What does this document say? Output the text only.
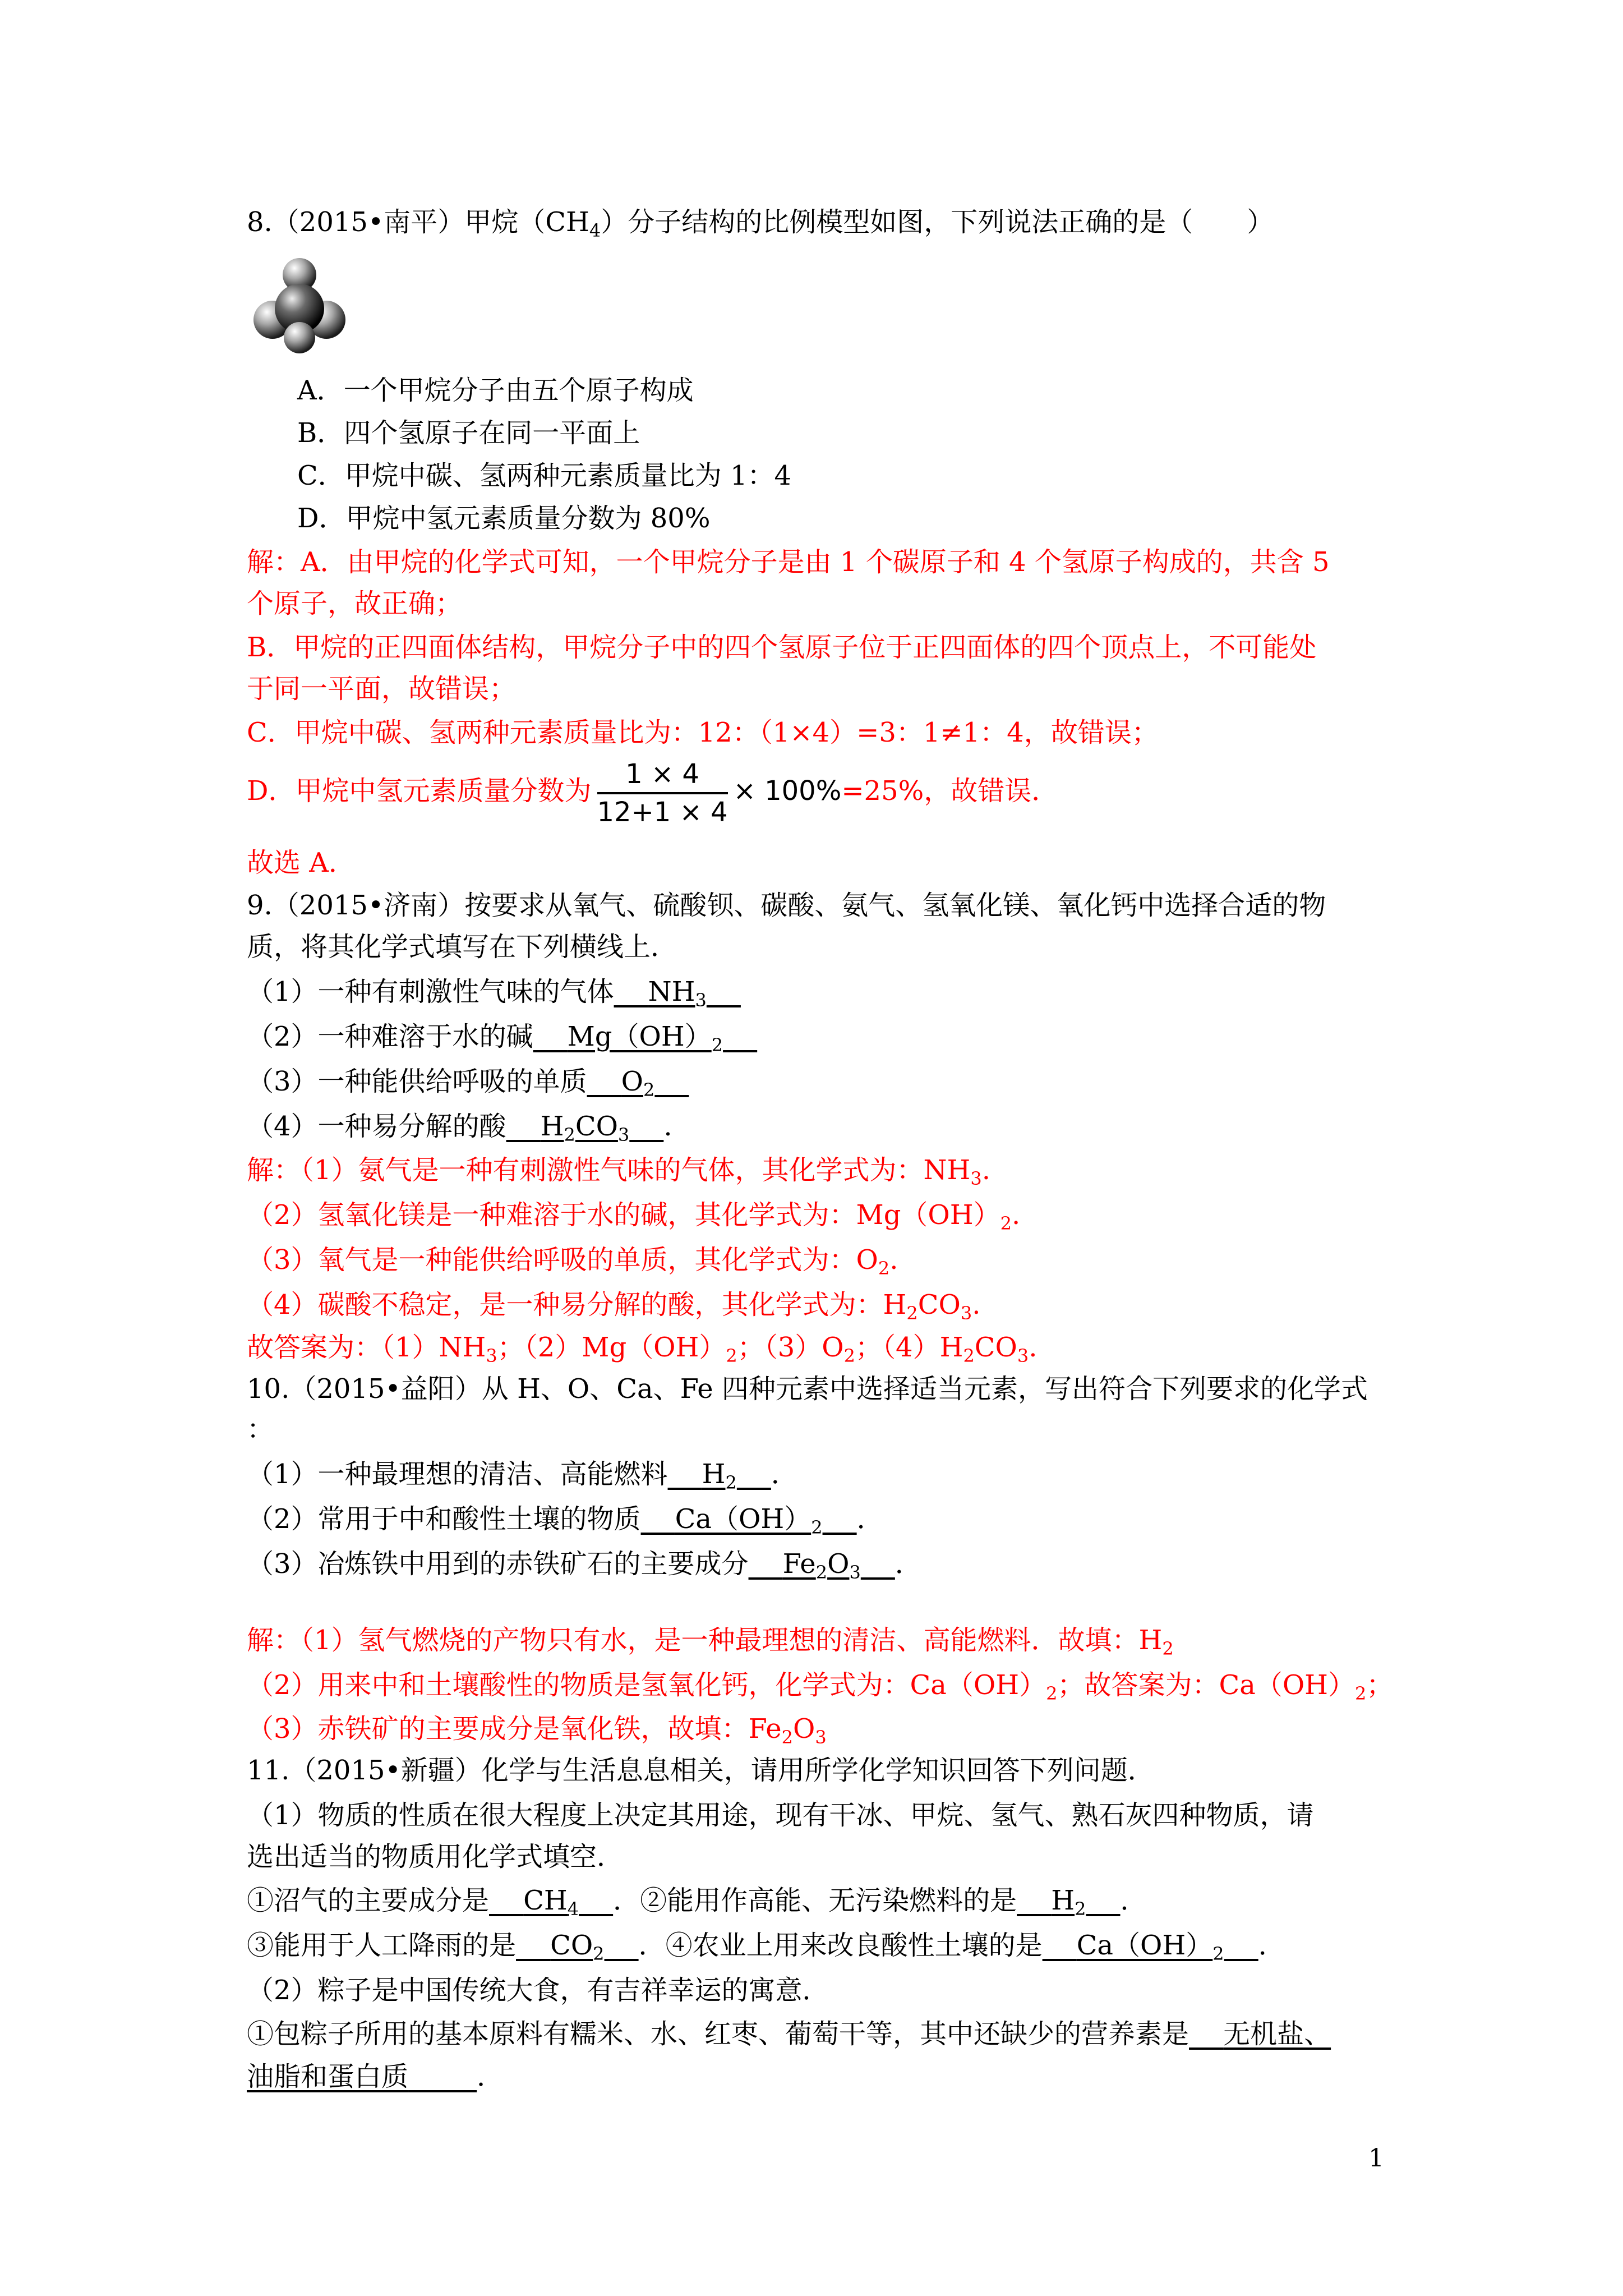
8.（2015•南平）甲烷$(CH_4)$分子结构的比例模型如图，下列说法正确的是（　　）
A．一个甲烷分子由五个原子构成
B．四个氢原子在同一平面上
C．甲烷中碳、氢两种元素质量比为 1：4
D．甲烷中氢元素质量分数为 80%
解：A．由甲烷的化学式可知，一个甲烷分子是由 1 个碳原子和 4 个氢原子构成的，共含 5
个原子，故正确；
B．甲烷的正四面体结构，甲烷分子中的四个氢原子位于正四面体的四个顶点上，不可能处
于同一平面，故错误；
C．甲烷中碳、氢两种元素质量比为：12：（1×4）=3：1≠1：4，故错误；
D．甲烷中氢元素质量分数为 $\frac{1 \times 4}{12+1 \times 4} \times 100\%=25\%$，故错误．
故选 A．
9.（2015•济南）按要求从氧气、硫酸钡、碳酸、氨气、氢氧化镁、氧化钙中选择合适的物
质，将其化学式填写在下列横线上．
（1）一种有刺激性气味的气体   $NH_3$  
（2）一种难溶于水的碱   $Mg(OH)_2$  
（3）一种能供给呼吸的单质   $O_2$  
（4）一种易分解的酸   $H_2CO_3$   .
解：（1）氨气是一种有刺激性气味的气体，其化学式为：$NH_3$.
（2）氢氧化镁是一种难溶于水的碱，其化学式为：$Mg(OH)_2$.
（3）氧气是一种能供给呼吸的单质，其化学式为：$O_2$.
（4）碳酸不稳定，是一种易分解的酸，其化学式为：$H_2CO_3$.
故答案为：$(1)NH_3$；$(2)Mg(OH)_2$；$(3)O_2$；$(4)H_2CO_3$.
10.（2015•益阳）从 H、O、Ca、Fe 四种元素中选择适当元素，写出符合下列要求的化学式
：
（1）一种最理想的清洁、高能燃料   $H_2$   ．
（2）常用于中和酸性土壤的物质   $Ca(OH)_2$   ．
（3）冶炼铁中用到的赤铁矿石的主要成分   $Fe_2O_3$   ．
解：（1）氢气燃烧的产物只有水，是一种最理想的清洁、高能燃料．故填：$H_2$
（2）用来中和土壤酸性的物质是氢氧化钙，化学式为：$Ca(OH)_2$；故答案为：$Ca(OH)_2$；
（3）赤铁矿的主要成分是氧化铁，故填：$Fe_2O_3$
11.（2015•新疆）化学与生活息息相关，请用所学化学知识回答下列问题．
（1）物质的性质在很大程度上决定其用途，现有干冰、甲烷、氢气、熟石灰四种物质，请
选出适当的物质用化学式填空．
①沼气的主要成分是   $CH_4$   ．②能用作高能、无污染燃料的是   $H_2$   ．
③能用于人工降雨的是   $CO_2$   ．④农业上用来改良酸性土壤的是   $Ca(OH)_2$   ．
（2）粽子是中国传统大食，有吉祥幸运的寓意．
①包粽子所用的基本原料有糯米、水、红枣、葡萄干等，其中还缺少的营养素是   无机盐、
油脂和蛋白质    	．
1
